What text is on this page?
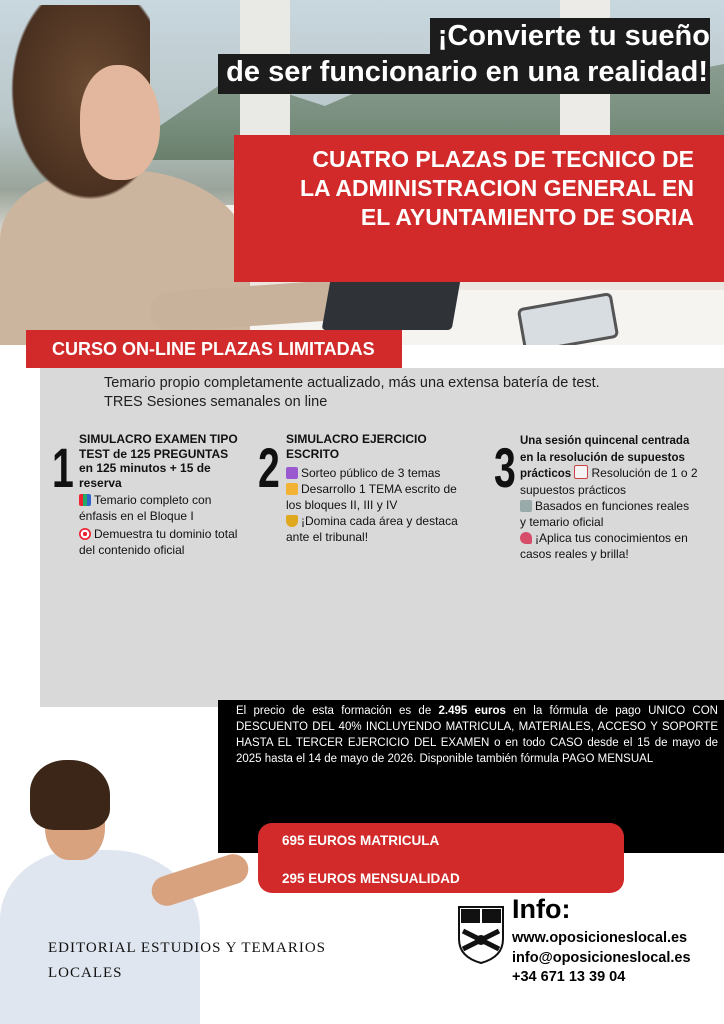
¡Convierte tu sueño
de ser funcionario en una realidad!
CUATRO PLAZAS DE TECNICO DE
LA ADMINISTRACION GENERAL EN
EL AYUNTAMIENTO DE SORIA
CURSO ON-LINE PLAZAS LIMITADAS
Temario propio completamente actualizado, más una extensa batería de test.
TRES Sesiones semanales on line
1 SIMULACRO EXAMEN TIPO TEST de 125 PREGUNTAS en 125 minutos + 15 de reserva
Temario completo con énfasis en el Bloque I
Demuestra tu dominio total del contenido oficial
2 SIMULACRO EJERCICIO ESCRITO
Sorteo público de 3 temas
Desarrollo 1 TEMA escrito de los bloques II, III y IV
¡Domina cada área y destaca ante el tribunal!
3 Una sesión quincenal centrada en la resolución de supuestos prácticos Resolución de 1 o 2 supuestos prácticos
Basados en funciones reales y temario oficial
¡Aplica tus conocimientos en casos reales y brilla!
El precio de esta formación es de 2.495 euros en la fórmula de pago UNICO CON DESCUENTO DEL 40% INCLUYENDO MATRICULA, MATERIALES, ACCESO Y SOPORTE HASTA EL TERCER EJERCICIO DEL EXAMEN o en todo CASO desde el 15 de mayo de 2025 hasta el 14 de mayo de 2026. Disponible también fórmula PAGO MENSUAL
695 EUROS MATRICULA
295 EUROS MENSUALIDAD
EDITORIAL ESTUDIOS Y TEMARIOS
LOCALES
Info:
www.oposicioneslocal.es
info@oposicioneslocal.es
+34 671 13 39 04
